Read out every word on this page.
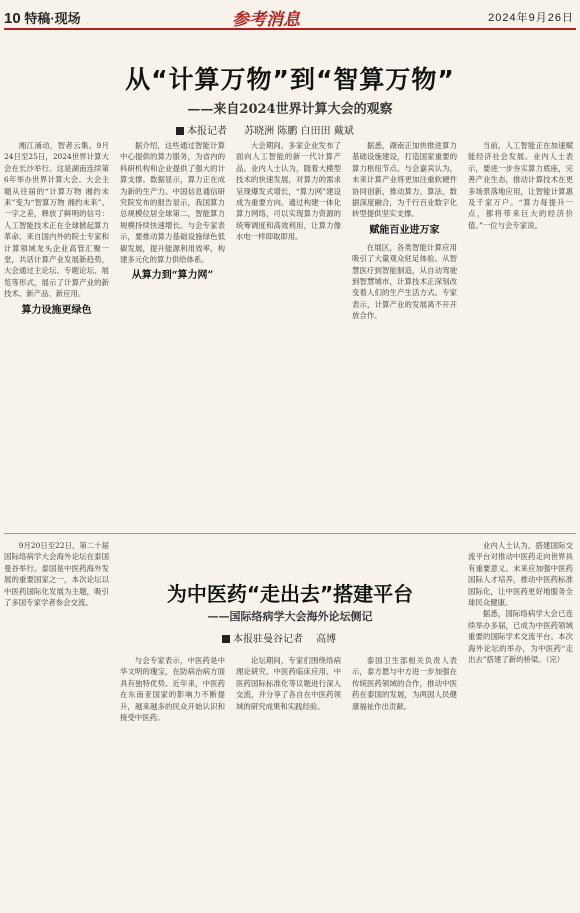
10 特稿·现场	参考消息	2024年9月26日
从“计算万物”到“智算万物”
——来自2024世界计算大会的观察
本报记者 苏晓洲 陈鹏 白田田 戴斌

湘江涌动，智者云集。9月24日至25日，2024世界计算大会在长沙举行。这是湖南连续第6年举办世界计算大会。大会主题从往届的“计算万物 湘约未来”变为“智算万物 湘约未来”。一字之差，释放了鲜明的信号：人工智能技术正在全球掀起算力革命。来自国内外的院士专家和计算领域龙头企业高管汇聚一堂，共话计算产业发展新趋势，大会通过主论坛、专题论坛、展览等形式，展示了计算产业的新技术、新产品、新应用。

算力设施更绿色

据介绍，这些通过智能计算中心提供的算力服务，为省内的科研机构和企业提供了强大的计算支撑。数据显示，算力正在成为新的生产力。中国信息通信研究院发布的报告显示，我国算力总规模位居全球第二，智能算力规模持续快速增长。与会专家表示，要推动算力基础设施绿色低碳发展，提升能源利用效率，构建多元化的算力供给体系。

从算力到“算力网”

大会期间，多家企业发布了面向人工智能的新一代计算产品。业内人士认为，随着大模型技术的快速发展，对算力的需求呈现爆发式增长，“算力网”建设成为重要方向。通过构建一体化算力网络，可以实现算力资源的统筹调度和高效利用，让算力像水电一样即取即用。

据悉，湖南正加快推进算力基础设施建设，打造国家重要的算力枢纽节点。与会嘉宾认为，未来计算产业将更加注重软硬件协同创新，推动算力、算法、数据深度融合，为千行百业数字化转型提供坚实支撑。

赋能百业进万家

在展区，各类智能计算应用吸引了大量观众驻足体验。从智慧医疗到智能制造，从自动驾驶到智慧城市，计算技术正深刻改变着人们的生产生活方式。专家表示，计算产业的发展离不开开放合作。

当前，人工智能正在加速赋能经济社会发展。业内人士表示，要进一步夯实算力底座，完善产业生态，推动计算技术在更多场景落地应用，让智能计算惠及千家万户。“算力每提升一点，都将带来巨大的经济价值。”一位与会专家说。

9月20日至22日，第二十届国际络病学大会海外论坛在泰国曼谷举行。泰国是中医药海外发展的重要国家之一，本次论坛以中医药国际化发展为主题，吸引了多国专家学者参会交流。

与会专家表示，中医药是中华文明的瑰宝，在防病治病方面具有独特优势。近年来，中医药在东南亚国家的影响力不断提升，越来越多的民众开始认识和接受中医药。

论坛期间，专家们围绕络病理论研究、中医药临床应用、中医药国际标准化等议题进行深入交流，并分享了各自在中医药领域的研究成果和实践经验。

泰国卫生部相关负责人表示，泰方愿与中方进一步加强在传统医药领域的合作，推动中医药在泰国的发展，为两国人民健康福祉作出贡献。

业内人士认为，搭建国际交流平台对推动中医药走向世界具有重要意义。未来应加强中医药国际人才培养，推动中医药标准国际化，让中医药更好地服务全球民众健康。

据悉，国际络病学大会已连续举办多届，已成为中医药领域重要的国际学术交流平台。本次海外论坛的举办，为中医药“走出去”搭建了新的桥梁。（完）

为中医药“走出去”搭建平台
——国际络病学大会海外论坛侧记
本报驻曼谷记者 高博
